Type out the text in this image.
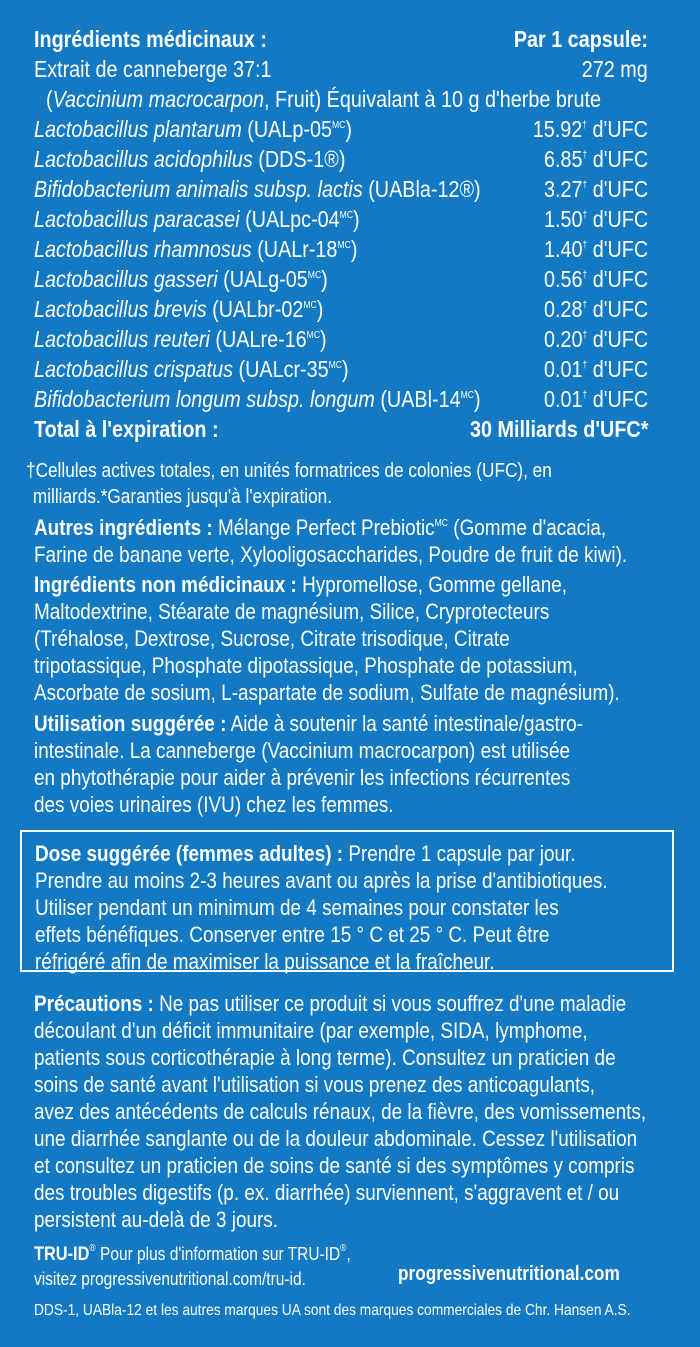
Ingrédients médicinaux :	Par 1 capsule:
Extrait de canneberge 37:1	272 mg
(Vaccinium macrocarpon, Fruit) Équivalant à 10 g d'herbe brute
Lactobacillus plantarum $(UALp-05^{MC})$	15.92† d'UFC
Lactobacillus acidophilus (DDS-1®)	6.85† d'UFC
Bifidobacterium animalis subsp. lactis (UABla-12®)	3.27† d'UFC
Lactobacillus paracasei $(UALpc-04^{MC})$	1.50† d'UFC
Lactobacillus rhamnosus $(UALr-18^{MC})$	1.40† d'UFC
Lactobacillus gasseri $(UALg-05^{MC})$	0.56† d'UFC
Lactobacillus brevis $(UALbr-02^{MC})$	0.28† d'UFC
Lactobacillus reuteri $(UALre-16^{MC})$	0.20† d'UFC
Lactobacillus crispatus $(UALcr-35^{MC})$	0.01† d'UFC
Bifidobacterium longum subsp. longum $(UABl-14^{MC})$	0.01† d'UFC
Total à l'expiration :	30 Milliards d'UFC*
†Cellules actives totales, en unités formatrices de colonies (UFC), en
milliards.*Garanties jusqu'à l'expiration.
Autres ingrédients : Mélange Perfect Prebiotic$^{MC}$ (Gomme d'acacia,
Farine de banane verte, Xylooligosaccharides, Poudre de fruit de kiwi).
Ingrédients non médicinaux : Hypromellose, Gomme gellane,
Maltodextrine, Stéarate de magnésium, Silice, Cryprotecteurs
(Tréhalose, Dextrose, Sucrose, Citrate trisodique, Citrate
tripotassique, Phosphate dipotassique, Phosphate de potassium,
Ascorbate de sosium, L-aspartate de sodium, Sulfate de magnésium).
Utilisation suggérée : Aide à soutenir la santé intestinale/gastro-
intestinale. La canneberge (Vaccinium macrocarpon) est utilisée
en phytothérapie pour aider à prévenir les infections récurrentes
des voies urinaires (IVU) chez les femmes.
Dose suggérée (femmes adultes) : Prendre 1 capsule par jour.
Prendre au moins 2-3 heures avant ou après la prise d'antibiotiques.
Utiliser pendant un minimum de 4 semaines pour constater les
effets bénéfiques. Conserver entre 15 ° C et 25 ° C. Peut être
réfrigéré afin de maximiser la puissance et la fraîcheur.
Précautions : Ne pas utiliser ce produit si vous souffrez d'une maladie
découlant d'un déficit immunitaire (par exemple, SIDA, lymphome,
patients sous corticothérapie à long terme). Consultez un praticien de
soins de santé avant l'utilisation si vous prenez des anticoagulants,
avez des antécédents de calculs rénaux, de la fièvre, des vomissements,
une diarrhée sanglante ou de la douleur abdominale. Cessez l'utilisation
et consultez un praticien de soins de santé si des symptômes y compris
des troubles digestifs (p. ex. diarrhée) surviennent, s'aggravent et / ou
persistent au-delà de 3 jours.
TRU-ID® Pour plus d'information sur TRU-ID®,
visitez progressivenutritional.com/tru-id.	progressivenutritional.com
DDS-1, UABla-12 et les autres marques UA sont des marques commerciales de Chr. Hansen A.S.
